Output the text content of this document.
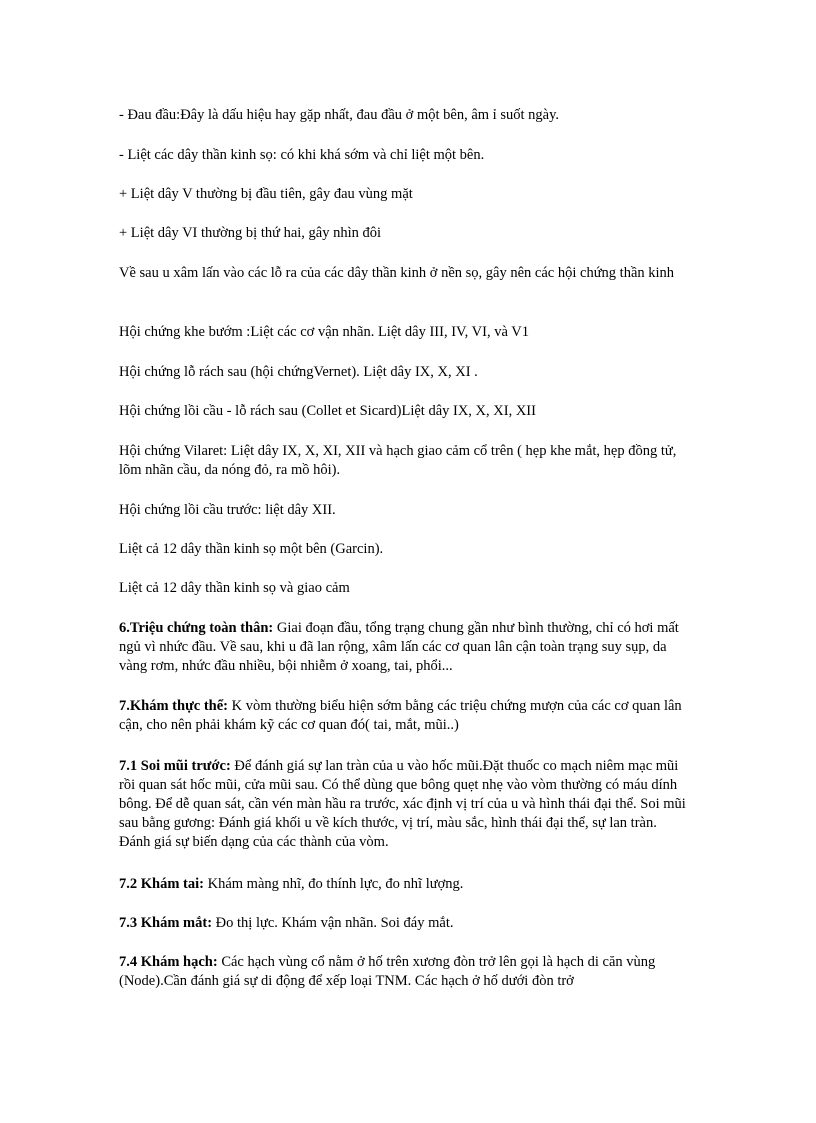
- Đau đầu:Đây là dấu hiệu hay gặp nhất, đau đầu ở một bên, âm ỉ suốt ngày.
- Liệt các dây thần kinh sọ: có khi khá sớm và chỉ liệt một bên.
+ Liệt dây V thường bị đầu tiên, gây đau vùng mặt
+ Liệt dây VI thường bị thứ hai, gây nhìn đôi
Về sau u xâm lấn vào các lỗ ra của các dây thần kinh ở nền sọ, gây nên các hội chứng thần kinh
Hội chứng khe bướm :Liệt các cơ vận nhãn. Liệt dây III, IV, VI, và V1
Hội chứng lỗ rách sau (hội chứngVernet). Liệt dây IX, X, XI .
Hội chứng lồi cầu - lỗ rách sau (Collet et Sicard)Liệt dây IX, X, XI, XII
Hội chứng Vilaret: Liệt dây IX, X, XI, XII và hạch giao cảm cổ trên ( hẹp khe mắt, hẹp đồng tử, lõm nhãn cầu, da nóng đỏ, ra mồ hôi).
Hội chứng lồi cầu trước: liệt dây XII.
Liệt cả 12 dây thần kinh sọ một bên (Garcin).
Liệt cả 12 dây thần kinh sọ và giao cảm
6.Triệu chứng toàn thân: Giai đoạn đầu, tổng trạng chung gần như bình thường, chỉ có hơi mất ngủ vì nhức đầu. Về sau, khi u đã lan rộng, xâm lấn các cơ quan lân cận toàn trạng suy sụp, da vàng rơm, nhức đầu nhiều, bội nhiễm ở xoang, tai, phổi...
7.Khám thực thể: K vòm thường biểu hiện sớm bằng các triệu chứng mượn của các cơ quan lân cận, cho nên phải khám kỹ các cơ quan đó( tai, mắt, mũi..)
7.1 Soi mũi trước: Để đánh giá sự lan tràn của u vào hốc mũi.Đặt thuốc co mạch niêm mạc mũi rồi quan sát hốc mũi, cửa mũi sau. Có thể dùng que bông quẹt nhẹ vào vòm thường có máu dính bông. Để dễ quan sát, cần vén màn hầu ra trước, xác định vị trí của u và hình thái đại thể. Soi mũi sau bằng gương: Đánh giá khối u về kích thước, vị trí, màu sắc, hình thái đại thể, sự lan tràn. Đánh giá sự biến dạng của các thành của vòm.
7.2 Khám tai: Khám màng nhĩ, đo thính lực, đo nhĩ lượng.
7.3 Khám mắt: Đo thị lực. Khám vận nhãn. Soi đáy mắt.
7.4 Khám hạch: Các hạch vùng cổ nằm ở hố trên xương đòn trở lên gọi là hạch di căn vùng (Node).Cần đánh giá sự di động để xếp loại TNM. Các hạch ở hố dưới đòn trở
